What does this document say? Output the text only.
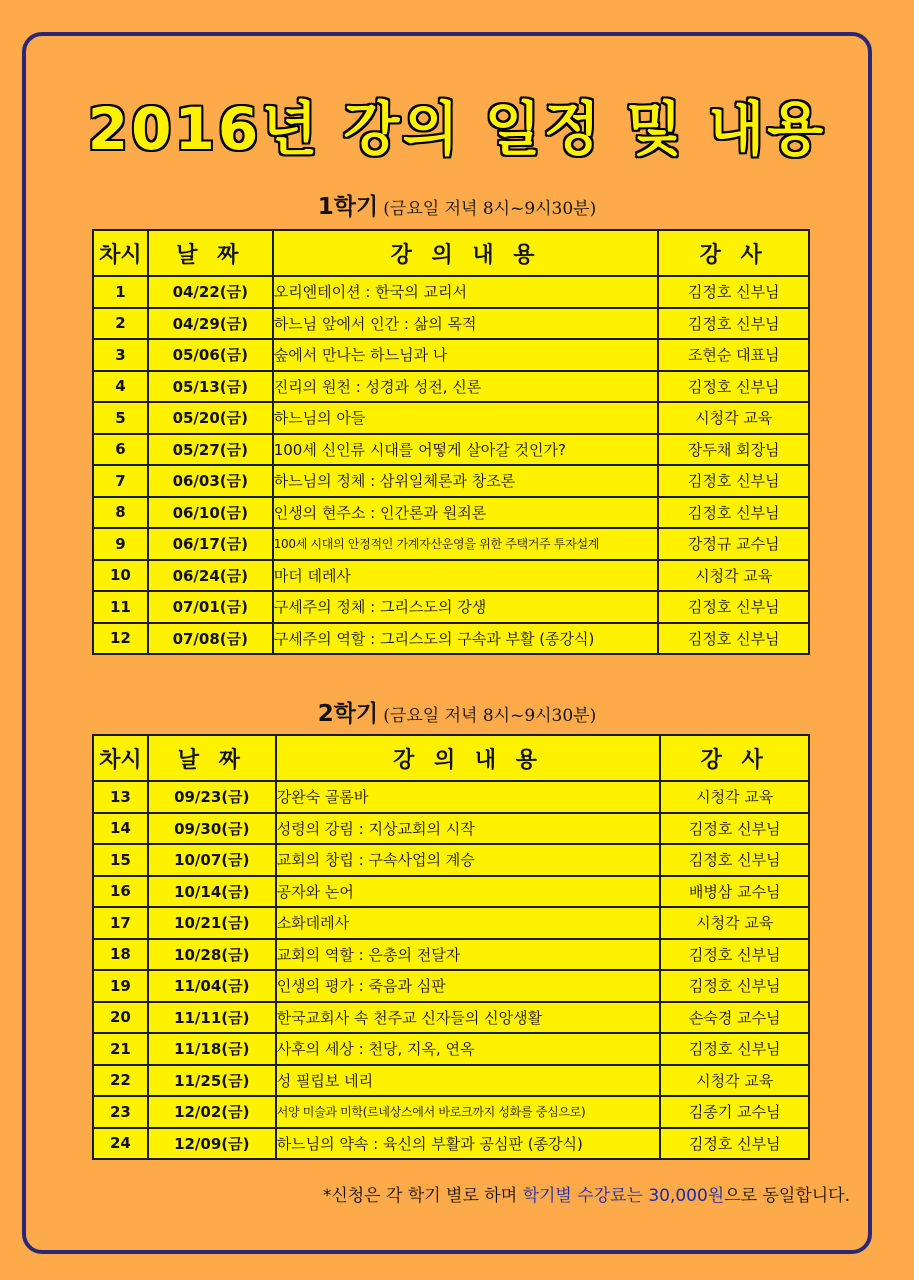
2016년 강의 일정 및 내용
1학기 (금요일 저녁 8시~9시30분)
차시	날 짜	강 의 내 용	강 사
1	04/22(금)	오리엔테이션 : 한국의 교리서	김정호 신부님
2	04/29(금)	하느님 앞에서 인간 : 삶의 목적	김정호 신부님
3	05/06(금)	숲에서 만나는 하느님과 나	조현순 대표님
4	05/13(금)	진리의 원천 : 성경과 성전, 신론	김정호 신부님
5	05/20(금)	하느님의 아들	시청각 교육
6	05/27(금)	100세 신인류 시대를 어떻게 살아갈 것인가?	장두채 회장님
7	06/03(금)	하느님의 정체 : 삼위일체론과 창조론	김정호 신부님
8	06/10(금)	인생의 현주소 : 인간론과 원죄론	김정호 신부님
9	06/17(금)	100세 시대의 안정적인 가계자산운영을 위한 주택거주 투자설계	강정규 교수님
10	06/24(금)	마더 데레사	시청각 교육
11	07/01(금)	구세주의 정체 : 그리스도의 강생	김정호 신부님
12	07/08(금)	구세주의 역할 : 그리스도의 구속과 부활 (종강식)	김정호 신부님
2학기 (금요일 저녁 8시~9시30분)
차시	날 짜	강 의 내 용	강 사
13	09/23(금)	강완숙 골롬바	시청각 교육
14	09/30(금)	성령의 강림 : 지상교회의 시작	김정호 신부님
15	10/07(금)	교회의 창립 : 구속사업의 계승	김정호 신부님
16	10/14(금)	공자와 논어	배병삼 교수님
17	10/21(금)	소화데레사	시청각 교육
18	10/28(금)	교회의 역할 : 은총의 전달자	김정호 신부님
19	11/04(금)	인생의 평가 : 죽음과 심판	김정호 신부님
20	11/11(금)	한국교회사 속 천주교 신자들의 신앙생활	손숙경 교수님
21	11/18(금)	사후의 세상 : 천당, 지옥, 연옥	김정호 신부님
22	11/25(금)	성 필립보 네리	시청각 교육
23	12/02(금)	서양 미술과 미학(르네상스에서 바로크까지 성화를 중심으로)	김종기 교수님
24	12/09(금)	하느님의 약속 : 육신의 부활과 공심판 (종강식)	김정호 신부님
*신청은 각 학기 별로 하며 학기별 수강료는 30,000원으로 동일합니다.
